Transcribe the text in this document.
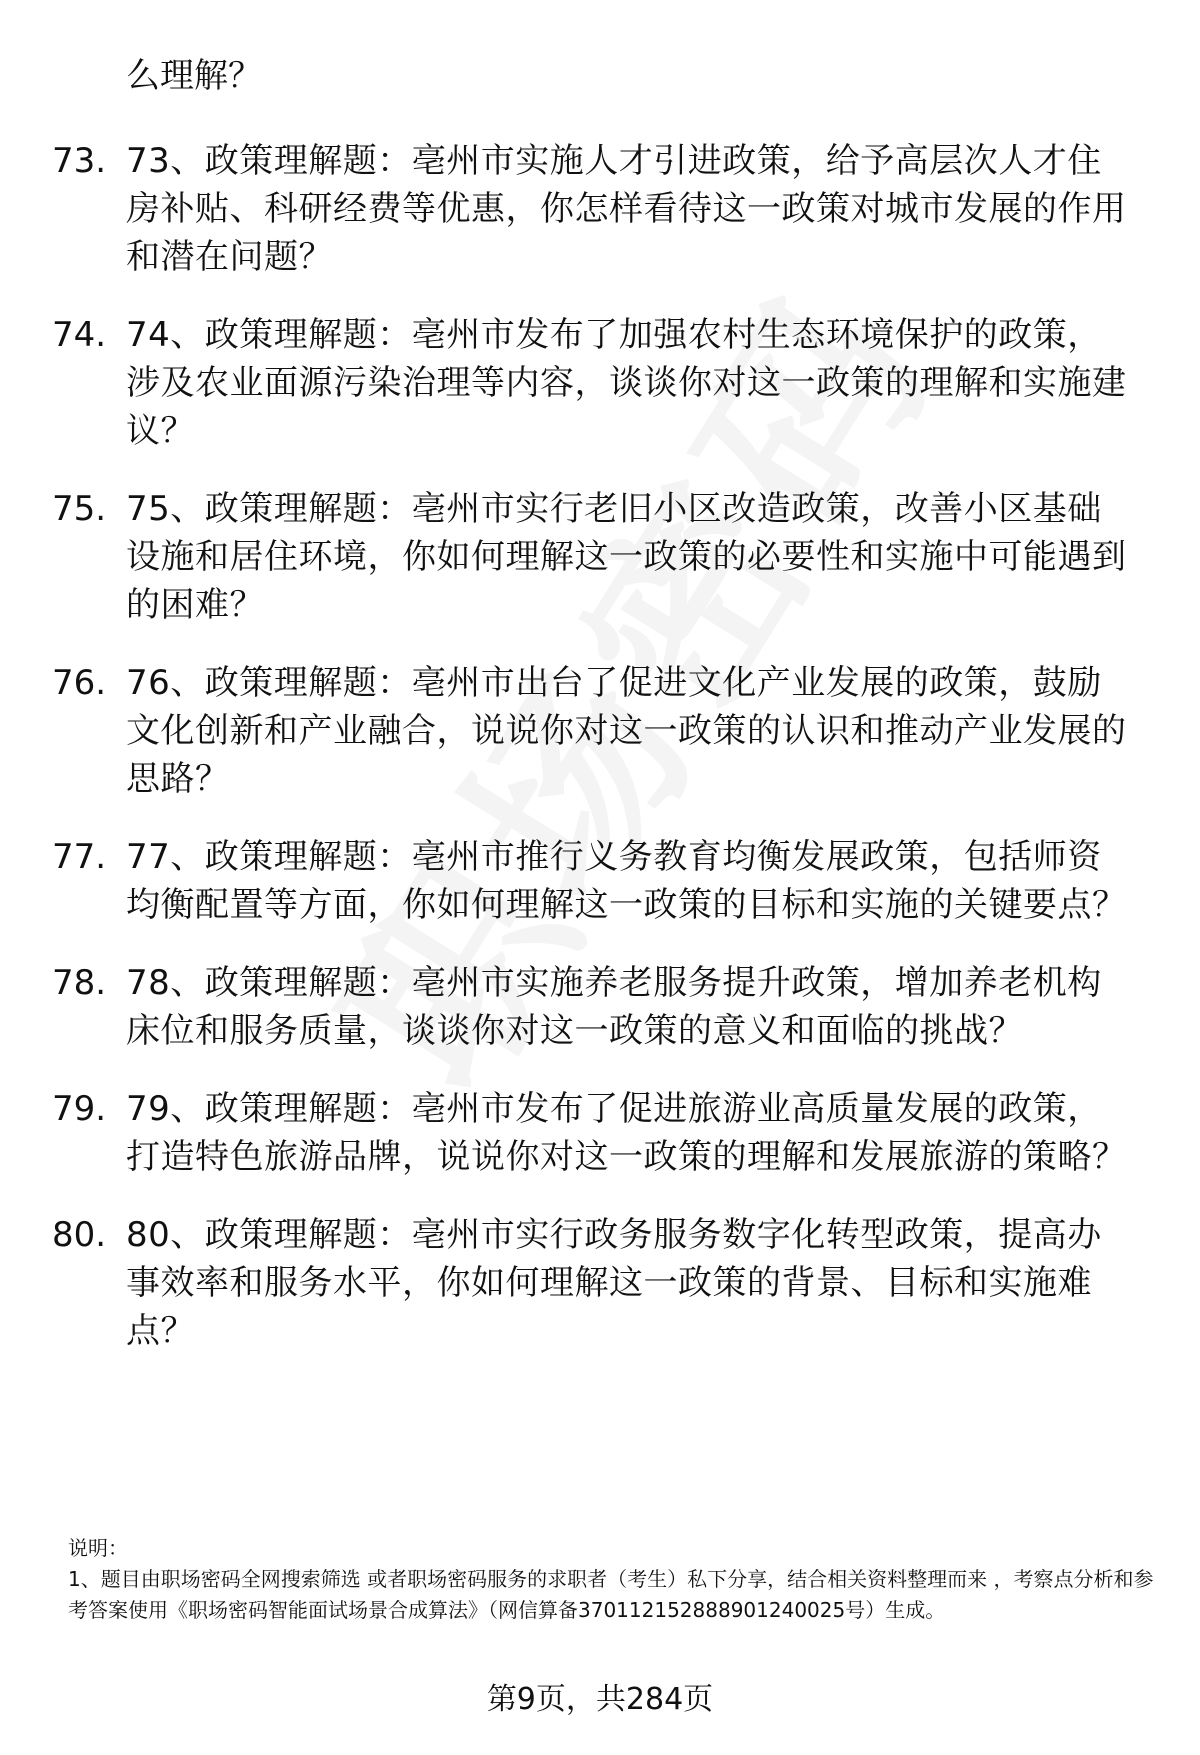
么理解？
73. 73、政策理解题：亳州市实施人才引进政策，给予高层次人才住房补贴、科研经费等优惠，你怎样看待这一政策对城市发展的作用和潜在问题？
74. 74、政策理解题：亳州市发布了加强农村生态环境保护的政策，涉及农业面源污染治理等内容，谈谈你对这一政策的理解和实施建议？
75. 75、政策理解题：亳州市实行老旧小区改造政策，改善小区基础设施和居住环境，你如何理解这一政策的必要性和实施中可能遇到的困难？
76. 76、政策理解题：亳州市出台了促进文化产业发展的政策，鼓励文化创新和产业融合，说说你对这一政策的认识和推动产业发展的思路？
77. 77、政策理解题：亳州市推行义务教育均衡发展政策，包括师资均衡配置等方面，你如何理解这一政策的目标和实施的关键要点？
78. 78、政策理解题：亳州市实施养老服务提升政策，增加养老机构床位和服务质量，谈谈你对这一政策的意义和面临的挑战？
79. 79、政策理解题：亳州市发布了促进旅游业高质量发展的政策，打造特色旅游品牌，说说你对这一政策的理解和发展旅游的策略？
80. 80、政策理解题：亳州市实行政务服务数字化转型政策，提高办事效率和服务水平，你如何理解这一政策的背景、目标和实施难点？
说明：
1、题目由职场密码全网搜索筛选 或者职场密码服务的求职者（考生）私下分享，结合相关资料整理而来 ，考察点分析和参考答案使用《职场密码智能面试场景合成算法》（网信算备370112152888901240025号）生成。
第9页，共284页
